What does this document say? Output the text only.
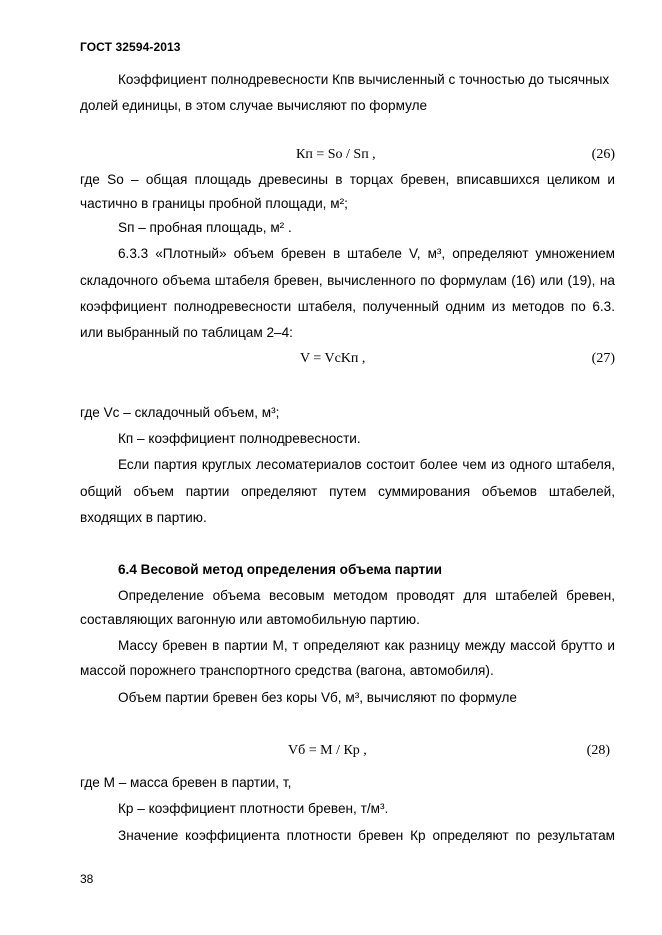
ГОСТ 32594-2013
Коэффициент полнодревесности Кпв вычисленный с точностью до тысячных
долей единицы, в этом случае вычисляют по формуле
Кп = So / Sп ,	(26)
где Sо – общая площадь древесины в торцах бревен, вписавшихся целиком и
частично в границы пробной площади, м²;
Sп – пробная площадь, м² .
6.3.3 «Плотный» объем бревен в штабеле V, м³, определяют умножением
складочного объема штабеля бревен, вычисленного по формулам (16) или (19), на
коэффициент полнодревесности штабеля, полученный одним из методов по 6.3.
или выбранный по таблицам 2–4:
V = VcKп ,	(27)
где Vс – складочный объем, м³;
Кп – коэффициент полнодревесности.
Если партия круглых лесоматериалов состоит более чем из одного штабеля,
общий объем партии определяют путем суммирования объемов штабелей,
входящих в партию.
6.4 Весовой метод определения объема партии
Определение объема весовым методом проводят для штабелей бревен,
составляющих вагонную или автомобильную партию.
Массу бревен в партии М, т определяют как разницу между массой брутто и
массой порожнего транспортного средства (вагона, автомобиля).
Объем партии бревен без коры Vб, м³, вычисляют по формуле
Vб = М / Кр ,	(28)
где М – масса бревен в партии, т,
Кр – коэффициент плотности бревен, т/м³.
Значение коэффициента плотности бревен Кр определяют по результатам
38
